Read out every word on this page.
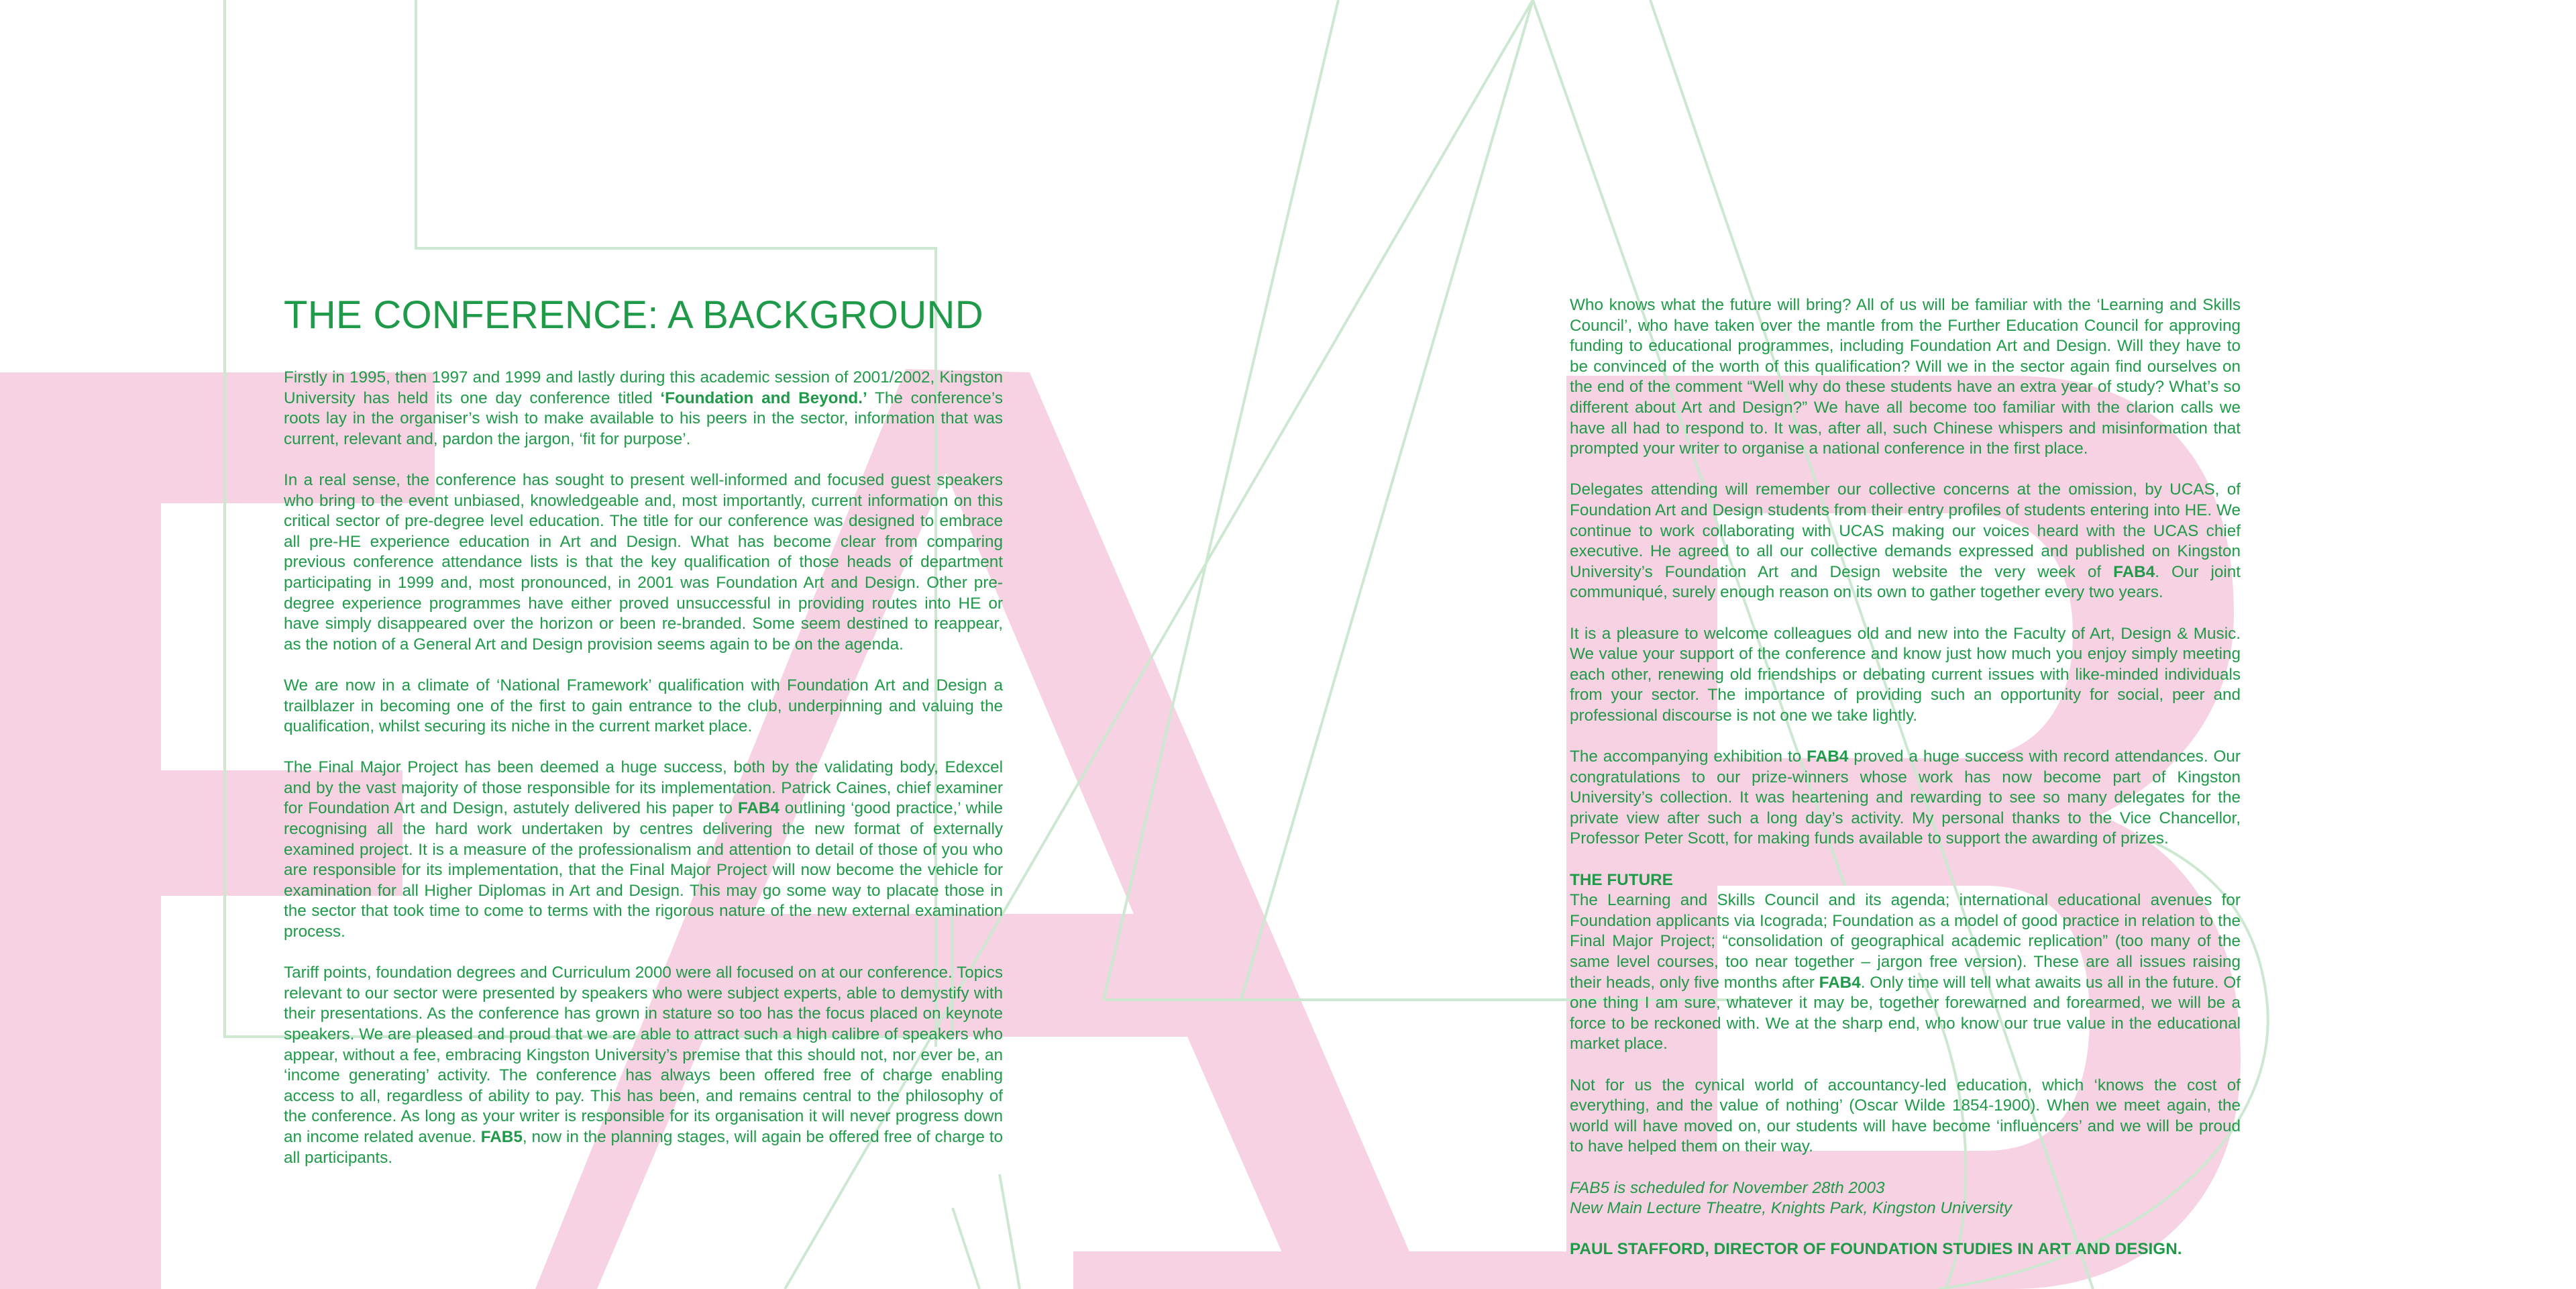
THE CONFERENCE: A BACKGROUND

Firstly in 1995, then 1997 and 1999 and lastly during this academic session of 2001/2002, Kingston University has held its one day conference titled ‘Foundation and Beyond.’ The conference’s roots lay in the organiser’s wish to make available to his peers in the sector, information that was current, relevant and, pardon the jargon, ‘fit for purpose’.

In a real sense, the conference has sought to present well-informed and focused guest speakers who bring to the event unbiased, knowledgeable and, most importantly, current information on this critical sector of pre-degree level education. The title for our conference was designed to embrace all pre-HE experience education in Art and Design. What has become clear from comparing previous conference attendance lists is that the key qualification of those heads of department participating in 1999 and, most pronounced, in 2001 was Foundation Art and Design. Other pre-degree experience programmes have either proved unsuccessful in providing routes into HE or have simply disappeared over the horizon or been re-branded. Some seem destined to reappear, as the notion of a General Art and Design provision seems again to be on the agenda.

We are now in a climate of ‘National Framework’ qualification with Foundation Art and Design a trailblazer in becoming one of the first to gain entrance to the club, underpinning and valuing the qualification, whilst securing its niche in the current market place.

The Final Major Project has been deemed a huge success, both by the validating body, Edexcel and by the vast majority of those responsible for its implementation. Patrick Caines, chief examiner for Foundation Art and Design, astutely delivered his paper to FAB4 outlining ‘good practice,’ while recognising all the hard work undertaken by centres delivering the new format of externally examined project. It is a measure of the professionalism and attention to detail of those of you who are responsible for its implementation, that the Final Major Project will now become the vehicle for examination for all Higher Diplomas in Art and Design. This may go some way to placate those in the sector that took time to come to terms with the rigorous nature of the new external examination process.

Tariff points, foundation degrees and Curriculum 2000 were all focused on at our conference. Topics relevant to our sector were presented by speakers who were subject experts, able to demystify with their presentations. As the conference has grown in stature so too has the focus placed on keynote speakers. We are pleased and proud that we are able to attract such a high calibre of speakers who appear, without a fee, embracing Kingston University’s premise that this should not, nor ever be, an ‘income generating’ activity. The conference has always been offered free of charge enabling access to all, regardless of ability to pay. This has been, and remains central to the philosophy of the conference. As long as your writer is responsible for its organisation it will never progress down an income related avenue. FAB5, now in the planning stages, will again be offered free of charge to all participants.

Who knows what the future will bring? All of us will be familiar with the ‘Learning and Skills Council’, who have taken over the mantle from the Further Education Council for approving funding to educational programmes, including Foundation Art and Design. Will they have to be convinced of the worth of this qualification? Will we in the sector again find ourselves on the end of the comment “Well why do these students have an extra year of study? What’s so different about Art and Design?” We have all become too familiar with the clarion calls we have all had to respond to. It was, after all, such Chinese whispers and misinformation that prompted your writer to organise a national conference in the first place.

Delegates attending will remember our collective concerns at the omission, by UCAS, of Foundation Art and Design students from their entry profiles of students entering into HE. We continue to work collaborating with UCAS making our voices heard with the UCAS chief executive. He agreed to all our collective demands expressed and published on Kingston University’s Foundation Art and Design website the very week of FAB4. Our joint communiqué, surely enough reason on its own to gather together every two years.

It is a pleasure to welcome colleagues old and new into the Faculty of Art, Design & Music. We value your support of the conference and know just how much you enjoy simply meeting each other, renewing old friendships or debating current issues with like-minded individuals from your sector. The importance of providing such an opportunity for social, peer and professional discourse is not one we take lightly.

The accompanying exhibition to FAB4 proved a huge success with record attendances. Our congratulations to our prize-winners whose work has now become part of Kingston University’s collection. It was heartening and rewarding to see so many delegates for the private view after such a long day’s activity. My personal thanks to the Vice Chancellor, Professor Peter Scott, for making funds available to support the awarding of prizes.

THE FUTURE

The Learning and Skills Council and its agenda; international educational avenues for Foundation applicants via Icograda; Foundation as a model of good practice in relation to the Final Major Project; “consolidation of geographical academic replication” (too many of the same level courses, too near together – jargon free version). These are all issues raising their heads, only five months after FAB4. Only time will tell what awaits us all in the future. Of one thing I am sure, whatever it may be, together forewarned and forearmed, we will be a force to be reckoned with. We at the sharp end, who know our true value in the educational market place.

Not for us the cynical world of accountancy-led education, which ‘knows the cost of everything, and the value of nothing’ (Oscar Wilde 1854-1900). When we meet again, the world will have moved on, our students will have become ‘influencers’ and we will be proud to have helped them on their way.

FAB5 is scheduled for November 28th 2003
New Main Lecture Theatre, Knights Park, Kingston University

PAUL STAFFORD, DIRECTOR OF FOUNDATION STUDIES IN ART AND DESIGN.
